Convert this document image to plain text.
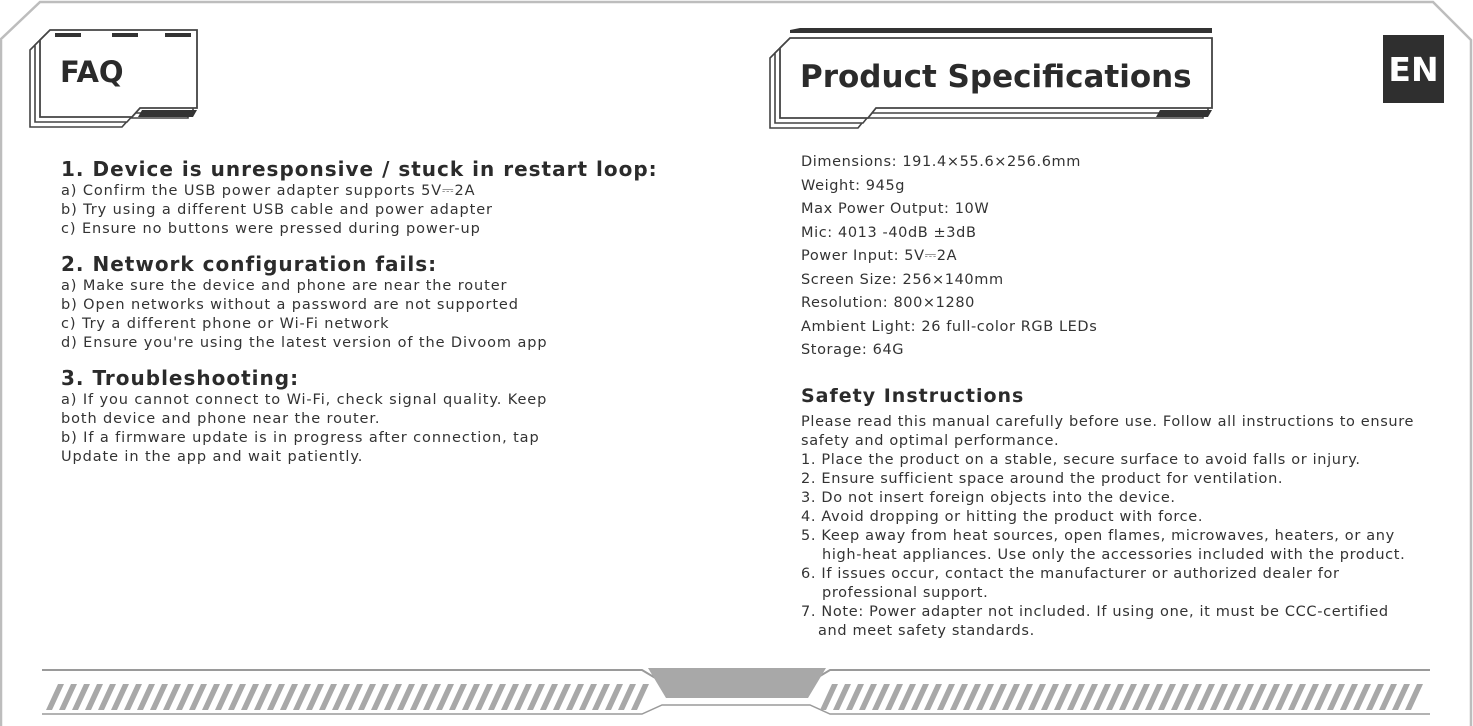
FAQ	Product Specifications	EN
1. Device is unresponsive / stuck in restart loop:
a) Confirm the USB power adapter supports 5V⎓2A
b) Try using a different USB cable and power adapter
c) Ensure no buttons were pressed during power-up
2. Network configuration fails:
a) Make sure the device and phone are near the router
b) Open networks without a password are not supported
c) Try a different phone or Wi-Fi network
d) Ensure you're using the latest version of the Divoom app
3. Troubleshooting:
a) If you cannot connect to Wi-Fi, check signal quality. Keep
both device and phone near the router.
b) If a firmware update is in progress after connection, tap
Update in the app and wait patiently.
Dimensions: 191.4×55.6×256.6mm
Weight: 945g
Max Power Output: 10W
Mic: 4013 -40dB ±3dB
Power Input: 5V⎓2A
Screen Size: 256×140mm
Resolution: 800×1280
Ambient Light: 26 full-color RGB LEDs
Storage: 64G
Safety Instructions
Please read this manual carefully before use. Follow all instructions to ensure
safety and optimal performance.
1. Place the product on a stable, secure surface to avoid falls or injury.
2. Ensure sufficient space around the product for ventilation.
3. Do not insert foreign objects into the device.
4. Avoid dropping or hitting the product with force.
5. Keep away from heat sources, open flames, microwaves, heaters, or any
high-heat appliances. Use only the accessories included with the product.
6. If issues occur, contact the manufacturer or authorized dealer for
professional support.
7. Note: Power adapter not included. If using one, it must be CCC-certified
and meet safety standards.
